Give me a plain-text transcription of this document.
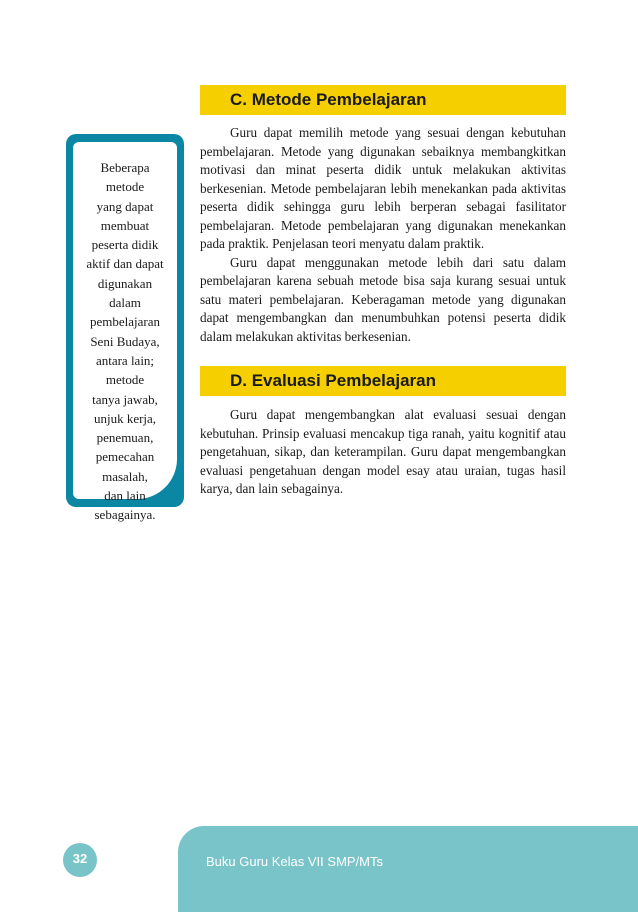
C. Metode Pembelajaran

Guru dapat memilih metode yang sesuai dengan kebutuhan pembelajaran. Metode yang digunakan sebaiknya membangkitkan motivasi dan minat peserta didik untuk melakukan aktivitas berkesenian. Metode pembelajaran lebih menekankan pada aktivitas peserta didik sehingga guru lebih berperan sebagai fasilitator pembelajaran. Metode pembelajaran yang digunakan menekankan pada praktik. Penjelasan teori menyatu dalam praktik.

Guru dapat menggunakan metode lebih dari satu dalam pembelajaran karena sebuah metode bisa saja kurang sesuai untuk satu materi pembelajaran. Keberagaman metode yang digunakan dapat mengembangkan dan menumbuhkan potensi peserta didik dalam melakukan aktivitas berkesenian.

D. Evaluasi Pembelajaran

Guru dapat mengembangkan alat evaluasi sesuai dengan kebutuhan. Prinsip evaluasi mencakup tiga ranah, yaitu kognitif atau pengetahuan, sikap, dan keterampilan. Guru dapat mengembangkan evaluasi pengetahuan dengan model esay atau uraian, tugas hasil karya, dan lain sebagainya.

Beberapa
metode
yang dapat
membuat
peserta didik
aktif dan dapat
digunakan
dalam
pembelajaran
Seni Budaya,
antara lain;
metode
tanya jawab,
unjuk kerja,
penemuan,
pemecahan
masalah,
dan lain
sebagainya.
Buku Guru Kelas VII SMP/MTs
32
